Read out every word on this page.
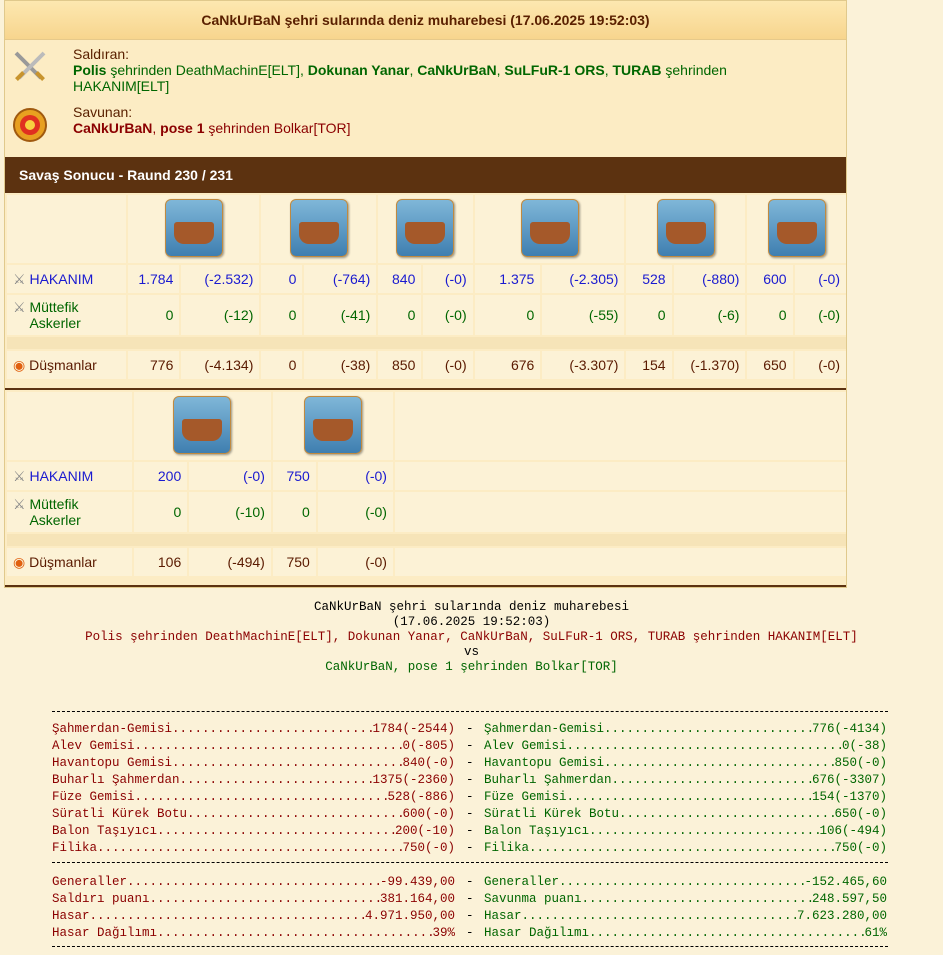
CaNkUrBaN şehri sularında deniz muharebesi (17.06.2025 19:52:03)
Saldıran:
Polis şehrinden DeathMachinE[ELT], Dokunan Yanar, CaNkUrBaN, SuLFuR-1 ORS, TURAB şehrinden HAKANIM[ELT]
Savunan:
CaNkUrBaN, pose 1 şehrinden Bolkar[TOR]
Savaş Sonucu - Raund 230 / 231

⚔ HAKANIM	1.784	(-2.532)	0	(-764)	840	(-0)	1.375	(-2.305)	528	(-880)	600	(-0)
⚔ Müttefik Askerler	0	(-12)	0	(-41)	0	(-0)	0	(-55)	0	(-6)	0	(-0)

◉ Düşmanlar	776	(-4.134)	0	(-38)	850	(-0)	676	(-3.307)	154	(-1.370)	650	(-0)

⚔ HAKANIM	200	(-0)	750	(-0)	
⚔ Müttefik Askerler	0	(-10)	0	(-0)	

◉ Düşmanlar	106	(-494)	750	(-0)	
CaNkUrBaN şehri sularında deniz muharebesi
(17.06.2025 19:52:03)
Polis şehrinden DeathMachinE[ELT], Dokunan Yanar, CaNkUrBaN, SuLFuR-1 ORS, TURAB şehrinden HAKANIM[ELT]
vs
CaNkUrBaN, pose 1 şehrinden Bolkar[TOR]
Şahmerdan-Gemisi .....	1784(-2544) - Şahmerdan-Gemisi .....	776(-4134)
Alev Gemisi .....	0(-805) - Alev Gemisi .....	0(-38)
Havantopu Gemisi .....	840(-0) - Havantopu Gemisi .....	850(-0)
Buharlı Şahmerdan .....	1375(-2360) - Buharlı Şahmerdan .....	676(-3307)
Füze Gemisi .....	528(-886) - Füze Gemisi .....	154(-1370)
Süratli Kürek Botu .....	600(-0) - Süratli Kürek Botu .....	650(-0)
Balon Taşıyıcı .....	200(-10) - Balon Taşıyıcı .....	106(-494)
Filika .....	750(-0) - Filika .....	750(-0)
Generaller .....	-99.439,00 - Generaller .....	-152.465,60
Saldırı puanı .....	381.164,00 - Savunma puanı .....	248.597,50
Hasar .....	4.971.950,00 - Hasar .....	7.623.280,00
Hasar Dağılımı .....	39% - Hasar Dağılımı .....	61%
